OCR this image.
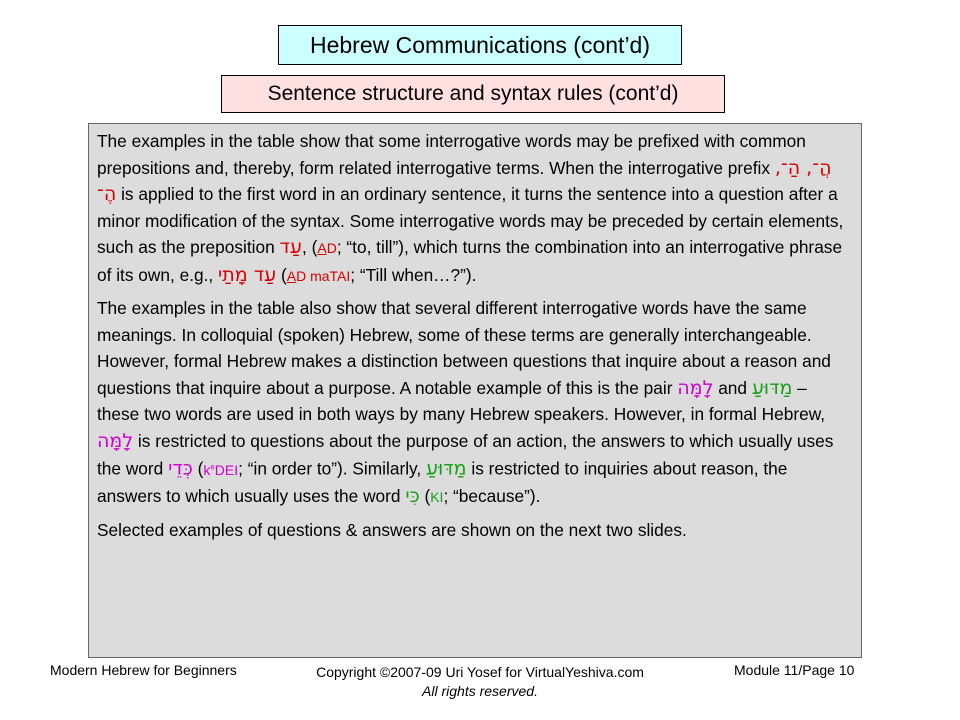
Hebrew Communications (cont’d)
Sentence structure and syntax rules (cont’d)

The examples in the table show that some interrogative words may be prefixed with common prepositions and, thereby, form related interrogative terms. When the interrogative prefix הֲ־, הַ־, הֶ־ is applied to the first word in an ordinary sentence, it turns the sentence into a question after a minor modification of the syntax. Some interrogative words may be preceded by certain elements, such as the preposition עַד, (AD; “to, till”), which turns the combination into an interrogative phrase of its own, e.g., עַד מָתַי (AD maTAI; “Till when…?”).

The examples in the table also show that several different interrogative words have the same meanings. In colloquial (spoken) Hebrew, some of these terms are generally interchangeable. However, formal Hebrew makes a distinction between questions that inquire about a reason and questions that inquire about a purpose. A notable example of this is the pair לָמָּה and מַדּוּעַ – these two words are used in both ways by many Hebrew speakers. However, in formal Hebrew, לָמָּה is restricted to questions about the purpose of an action, the answers to which usually uses the word כְּדֵי ($k^eDEI$; “in order to”). Similarly, מַדּוּעַ is restricted to inquiries about reason, the answers to which usually uses the word כִּי (KI; “because”).

Selected examples of questions & answers are shown on the next two slides.

Modern Hebrew for Beginners	Copyright ©2007-09 Uri Yosef for VirtualYeshiva.com
All rights reserved.
Module 11/Page 10
